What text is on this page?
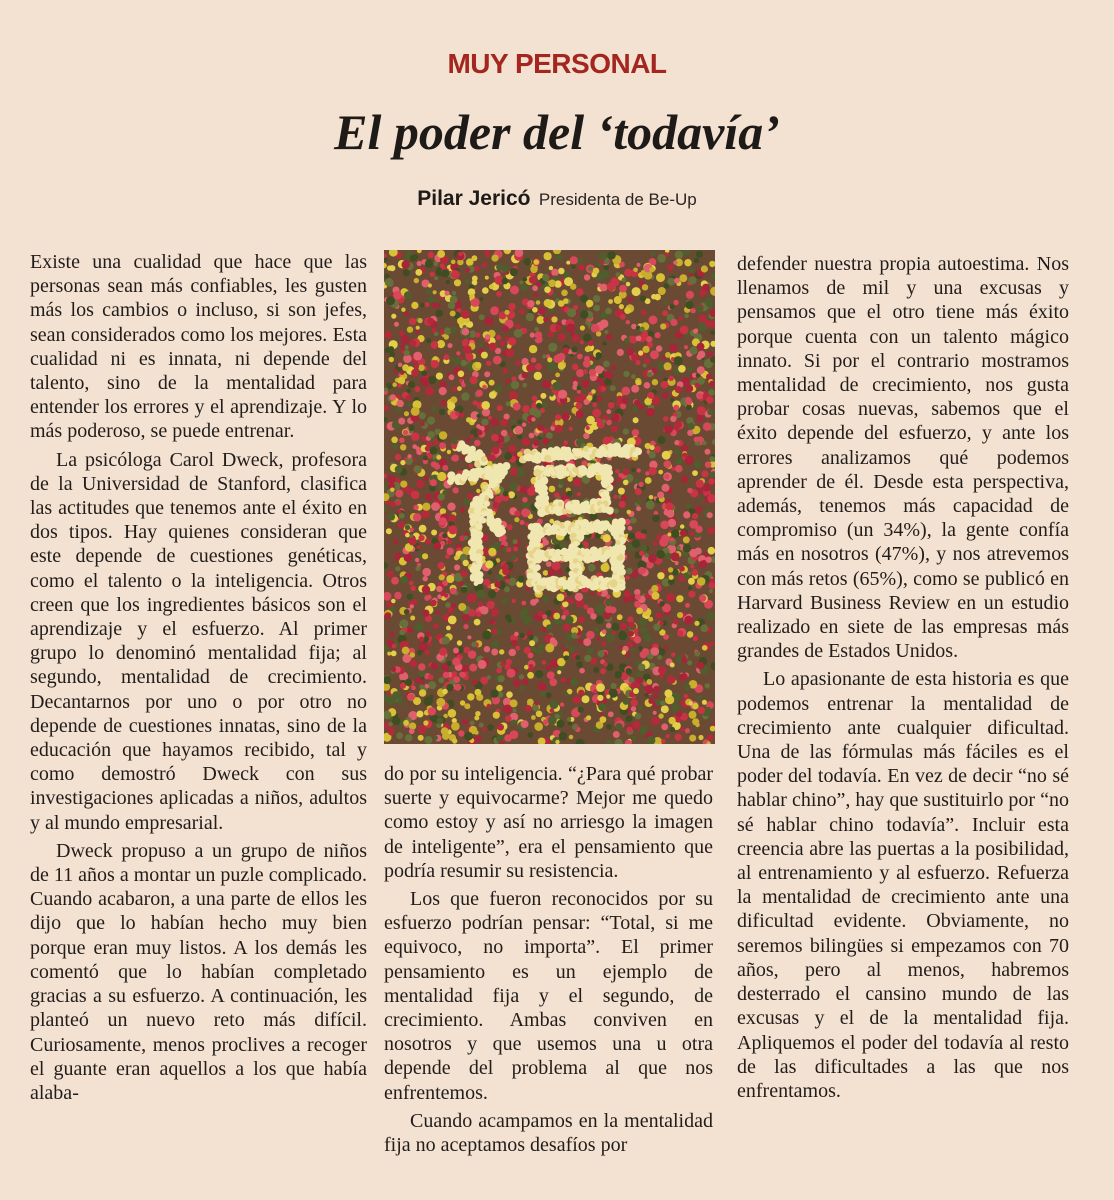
MUY PERSONAL
El poder del ‘todavía’
Pilar Jericó Presidenta de Be-Up

Existe una cualidad que hace que las personas sean más confiables, les gusten más los cambios o incluso, si son jefes, sean considerados como los mejores. Esta cualidad ni es innata, ni depende del talento, sino de la mentalidad para entender los errores y el aprendizaje. Y lo más poderoso, se puede entrenar.

La psicóloga Carol Dweck, profesora de la Universidad de Stanford, clasifica las actitudes que tenemos ante el éxito en dos tipos. Hay quienes consideran que este depende de cuestiones genéticas, como el talento o la inteligencia. Otros creen que los ingredientes básicos son el aprendizaje y el esfuerzo. Al primer grupo lo denominó mentalidad fija; al segundo, mentalidad de crecimiento. Decantarnos por uno o por otro no depende de cuestiones innatas, sino de la educación que hayamos recibido, tal y como demostró Dweck con sus investigaciones aplicadas a niños, adultos y al mundo empresarial.

Dweck propuso a un grupo de niños de 11 años a montar un puzle complicado. Cuando acabaron, a una parte de ellos les dijo que lo habían hecho muy bien porque eran muy listos. A los demás les comentó que lo habían completado gracias a su esfuerzo. A continuación, les planteó un nuevo reto más difícil. Curiosamente, menos proclives a recoger el guante eran aquellos a los que había alaba-

do por su inteligencia. “¿Para qué probar suerte y equivocarme? Mejor me quedo como estoy y así no arriesgo la imagen de inteligente”, era el pensamiento que podría resumir su resistencia.

Los que fueron reconocidos por su esfuerzo podrían pensar: “Total, si me equivoco, no importa”. El primer pensamiento es un ejemplo de mentalidad fija y el segundo, de crecimiento. Ambas conviven en nosotros y que usemos una u otra depende del problema al que nos enfrentemos.

Cuando acampamos en la mentalidad fija no aceptamos desafíos por

defender nuestra propia autoestima. Nos llenamos de mil y una excusas y pensamos que el otro tiene más éxito porque cuenta con un talento mágico innato. Si por el contrario mostramos mentalidad de crecimiento, nos gusta probar cosas nuevas, sabemos que el éxito depende del esfuerzo, y ante los errores analizamos qué podemos aprender de él. Desde esta perspectiva, además, tenemos más capacidad de compromiso (un 34%), la gente confía más en nosotros (47%), y nos atrevemos con más retos (65%), como se publicó en Harvard Business Review en un estudio realizado en siete de las empresas más grandes de Estados Unidos.

Lo apasionante de esta historia es que podemos entrenar la mentalidad de crecimiento ante cualquier dificultad. Una de las fórmulas más fáciles es el poder del todavía. En vez de decir “no sé hablar chino”, hay que sustituirlo por “no sé hablar chino todavía”. Incluir esta creencia abre las puertas a la posibilidad, al entrenamiento y al esfuerzo. Refuerza la mentalidad de crecimiento ante una dificultad evidente. Obviamente, no seremos bilingües si empezamos con 70 años, pero al menos, habremos desterrado el cansino mundo de las excusas y el de la mentalidad fija. Apliquemos el poder del todavía al resto de las dificultades a las que nos enfrentamos.
